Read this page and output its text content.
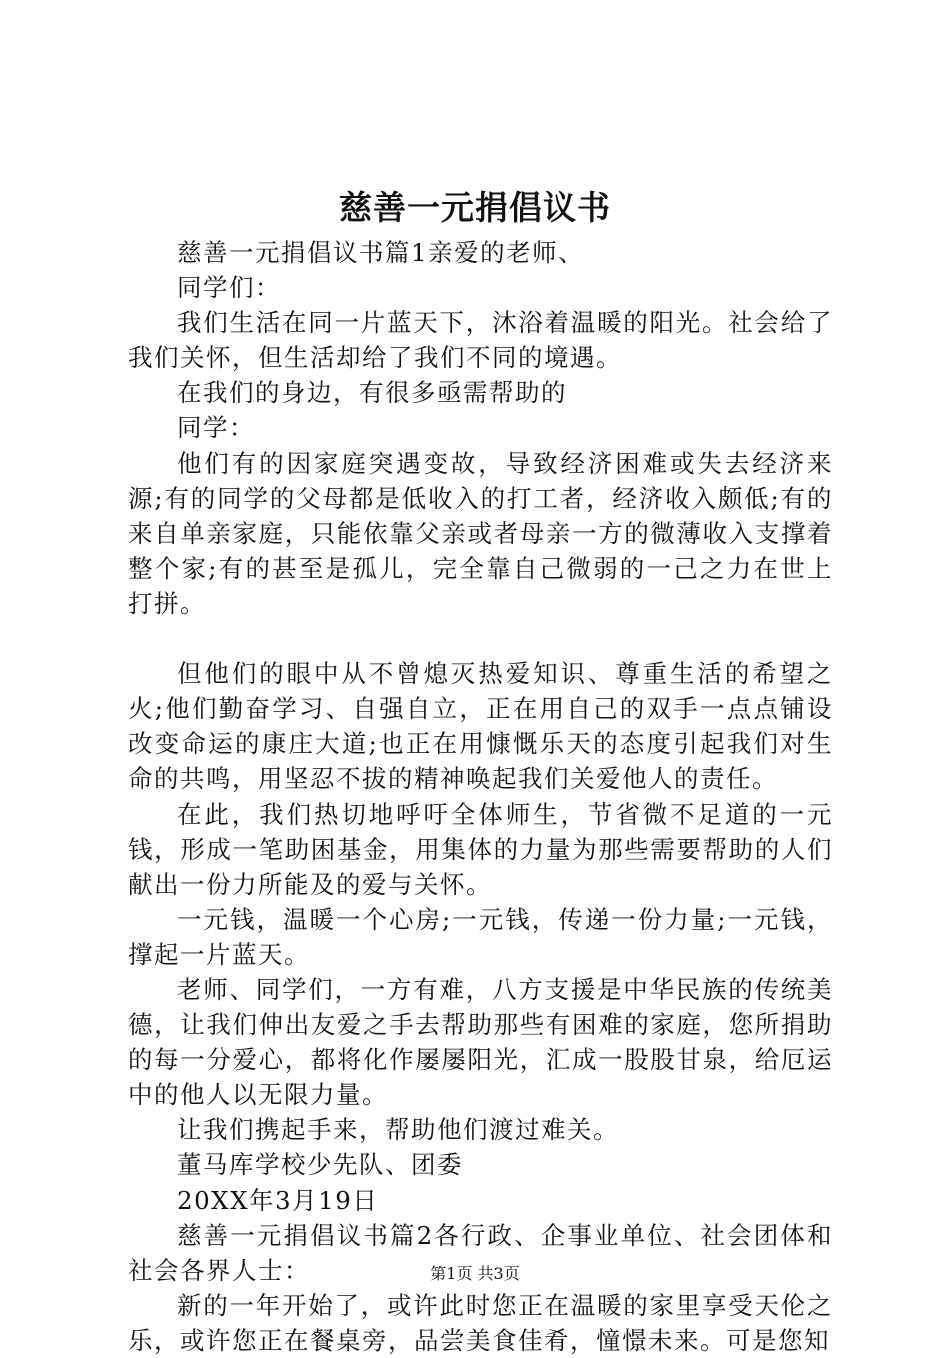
慈善一元捐倡议书

慈善一元捐倡议书篇1亲爱的老师、

同学们：

我们生活在同一片蓝天下，沐浴着温暖的阳光。社会给了我们关怀，但生活却给了我们不同的境遇。

在我们的身边，有很多亟需帮助的

同学：

他们有的因家庭突遇变故，导致经济困难或失去经济来源;有的同学的父母都是低收入的打工者，经济收入颇低;有的来自单亲家庭，只能依靠父亲或者母亲一方的微薄收入支撑着整个家;有的甚至是孤儿，完全靠自己微弱的一己之力在世上打拼。

但他们的眼中从不曾熄灭热爱知识、尊重生活的希望之火;他们勤奋学习、自强自立，正在用自己的双手一点点铺设改变命运的康庄大道;也正在用慷慨乐天的态度引起我们对生命的共鸣，用坚忍不拔的精神唤起我们关爱他人的责任。

在此，我们热切地呼吁全体师生，节省微不足道的一元钱，形成一笔助困基金，用集体的力量为那些需要帮助的人们献出一份力所能及的爱与关怀。

一元钱，温暖一个心房;一元钱，传递一份力量;一元钱，撑起一片蓝天。

老师、同学们，一方有难，八方支援是中华民族的传统美德，让我们伸出友爱之手去帮助那些有困难的家庭，您所捐助的每一分爱心，都将化作屡屡阳光，汇成一股股甘泉，给厄运中的他人以无限力量。

让我们携起手来，帮助他们渡过难关。

董马库学校少先队、团委

20XX年3月19日

慈善一元捐倡议书篇2各行政、企事业单位、社会团体和社会各界人士：

新的一年开始了，或许此时您正在温暖的家里享受天伦之乐，或许您正在餐桌旁，品尝美食佳肴，憧憬未来。可是您知

第1页 共3页
